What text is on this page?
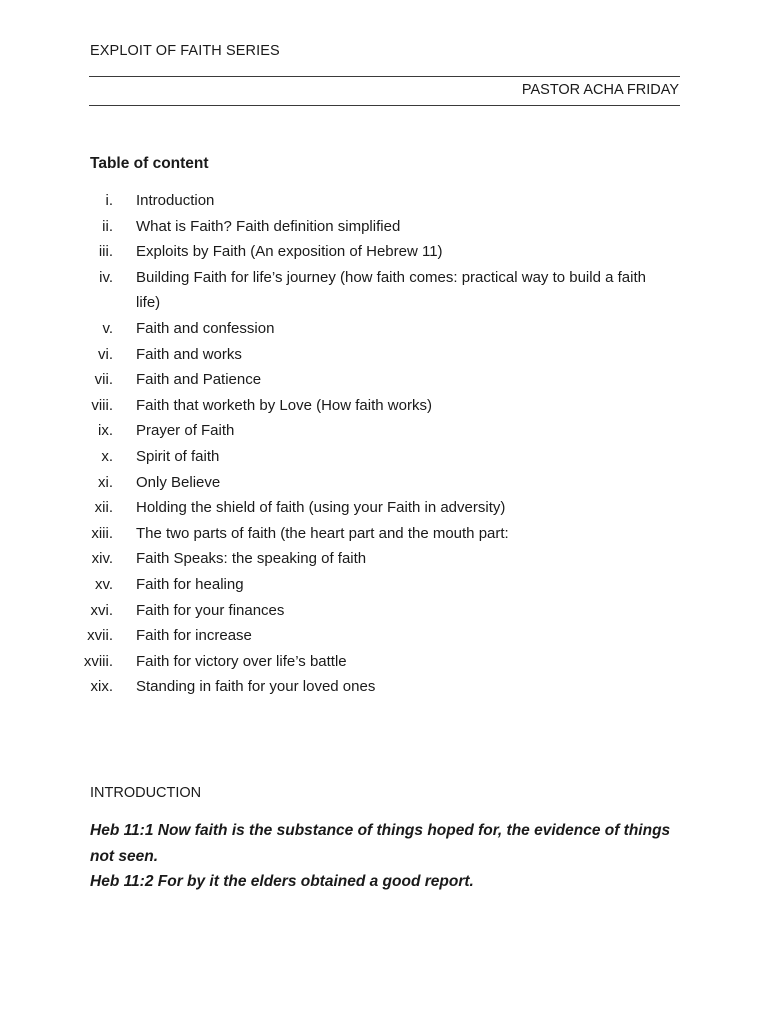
EXPLOIT OF FAITH SERIES
PASTOR ACHA FRIDAY
Table of content
i. Introduction
ii. What is Faith? Faith definition simplified
iii. Exploits by Faith (An exposition of Hebrew 11)
iv. Building Faith for life’s journey (how faith comes: practical way to build a faith life)
v. Faith and confession
vi. Faith and works
vii. Faith and Patience
viii. Faith that worketh by Love (How faith works)
ix. Prayer of Faith
x. Spirit of faith
xi. Only Believe
xii. Holding the shield of faith (using your Faith in adversity)
xiii. The two parts of faith (the heart part and the mouth part:
xiv. Faith Speaks: the speaking of faith
xv. Faith for healing
xvi. Faith for your finances
xvii. Faith for increase
xviii. Faith for victory over life’s battle
xix. Standing in faith for your loved ones
INTRODUCTION

Heb 11:1 Now faith is the substance of things hoped for, the evidence of things not seen.

Heb 11:2 For by it the elders obtained a good report.
